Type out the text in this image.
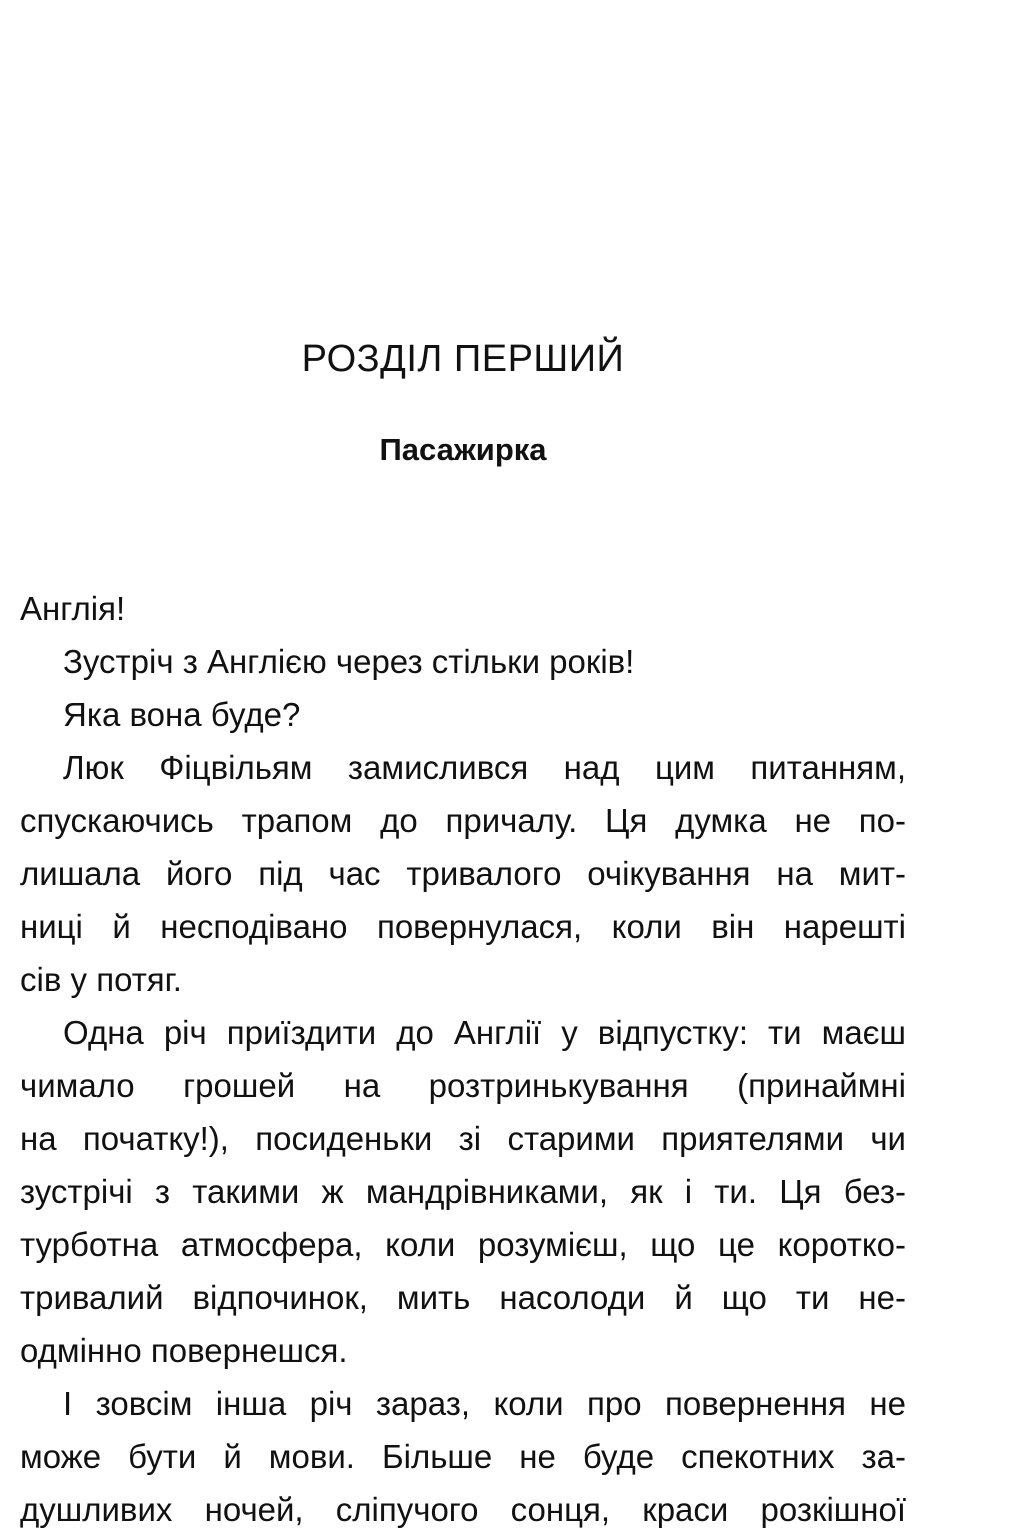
РОЗДІЛ ПЕРШИЙ
Пасажирка
Англія!
Зустріч з Англією через стільки років!
Яка вона буде?
Люк Фіцвільям замислився над цим питанням,
спускаючись трапом до причалу. Ця думка не по-
лишала його під час тривалого очікування на мит-
ниці й несподівано повернулася, коли він нарешті
сів у потяг.
Одна річ приїздити до Англії у відпустку: ти маєш
чимало грошей на розтринькування (принаймні
на початку!), посиденьки зі старими приятелями чи
зустрічі з такими ж мандрівниками, як і ти. Ця без-
турботна атмосфера, коли розумієш, що це коротко-
тривалий відпочинок, мить насолоди й що ти не-
одмінно повернешся.
І зовсім інша річ зараз, коли про повернення не
може бути й мови. Більше не буде спекотних за-
душливих ночей, сліпучого сонця, краси розкішної
